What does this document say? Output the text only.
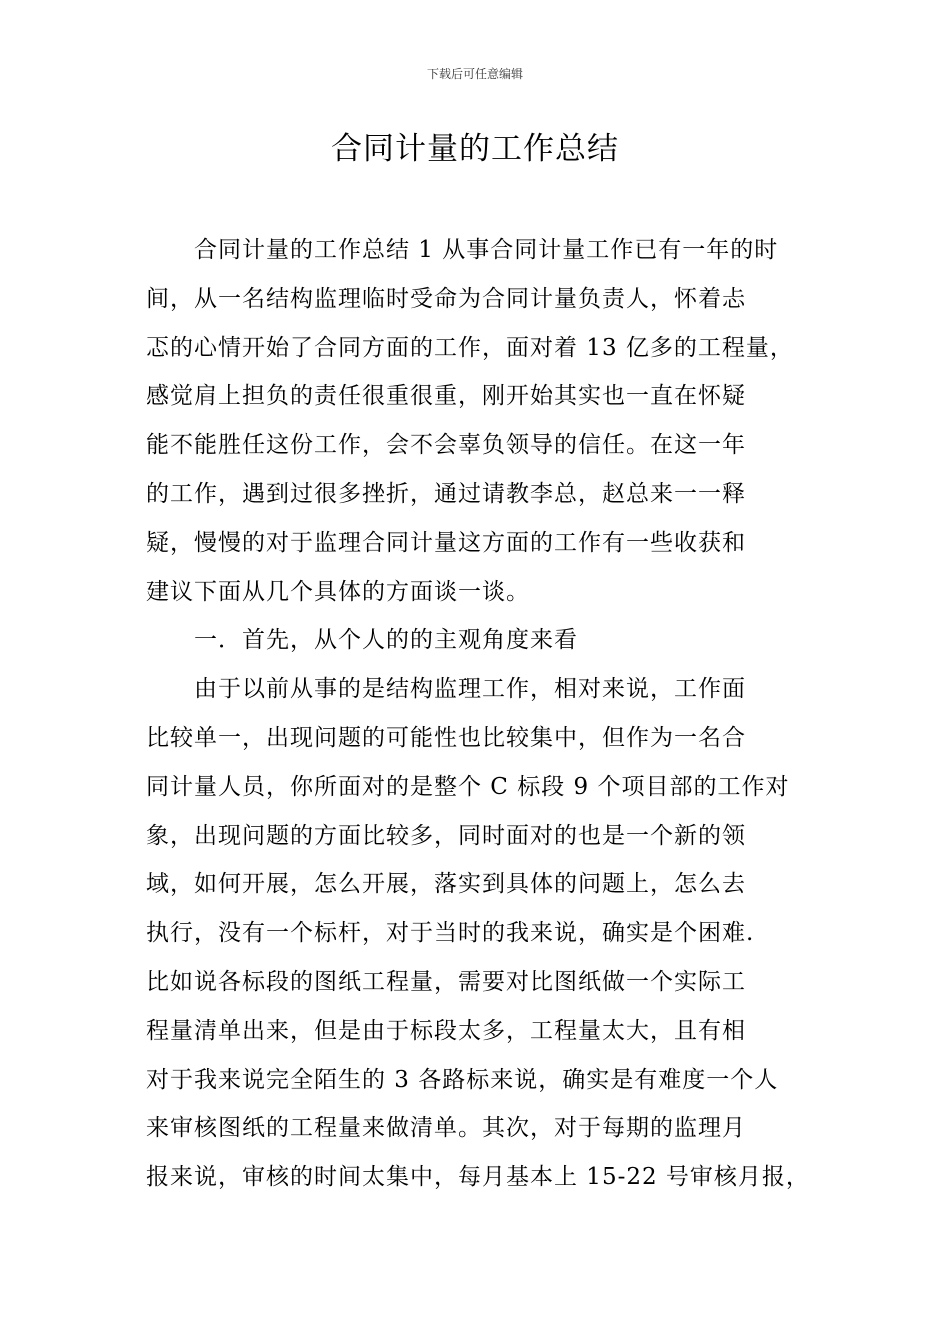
下载后可任意编辑
合同计量的工作总结
合同计量的工作总结 1 从事合同计量工作已有一年的时
间，从一名结构监理临时受命为合同计量负责人，怀着忐
忑的心情开始了合同方面的工作，面对着 13 亿多的工程量，
感觉肩上担负的责任很重很重，刚开始其实也一直在怀疑
能不能胜任这份工作，会不会辜负领导的信任。在这一年
的工作，遇到过很多挫折，通过请教李总，赵总来一一释
疑，慢慢的对于监理合同计量这方面的工作有一些收获和
建议下面从几个具体的方面谈一谈。
一．首先，从个人的的主观角度来看
由于以前从事的是结构监理工作，相对来说，工作面
比较单一，出现问题的可能性也比较集中，但作为一名合
同计量人员，你所面对的是整个 C 标段 9 个项目部的工作对
象，出现问题的方面比较多，同时面对的也是一个新的领
域，如何开展，怎么开展，落实到具体的问题上，怎么去
执行，没有一个标杆，对于当时的我来说，确实是个困难.
比如说各标段的图纸工程量，需要对比图纸做一个实际工
程量清单出来，但是由于标段太多，工程量太大，且有相
对于我来说完全陌生的 3 各路标来说，确实是有难度一个人
来审核图纸的工程量来做清单。其次，对于每期的监理月
报来说，审核的时间太集中，每月基本上 15-22 号审核月报，
